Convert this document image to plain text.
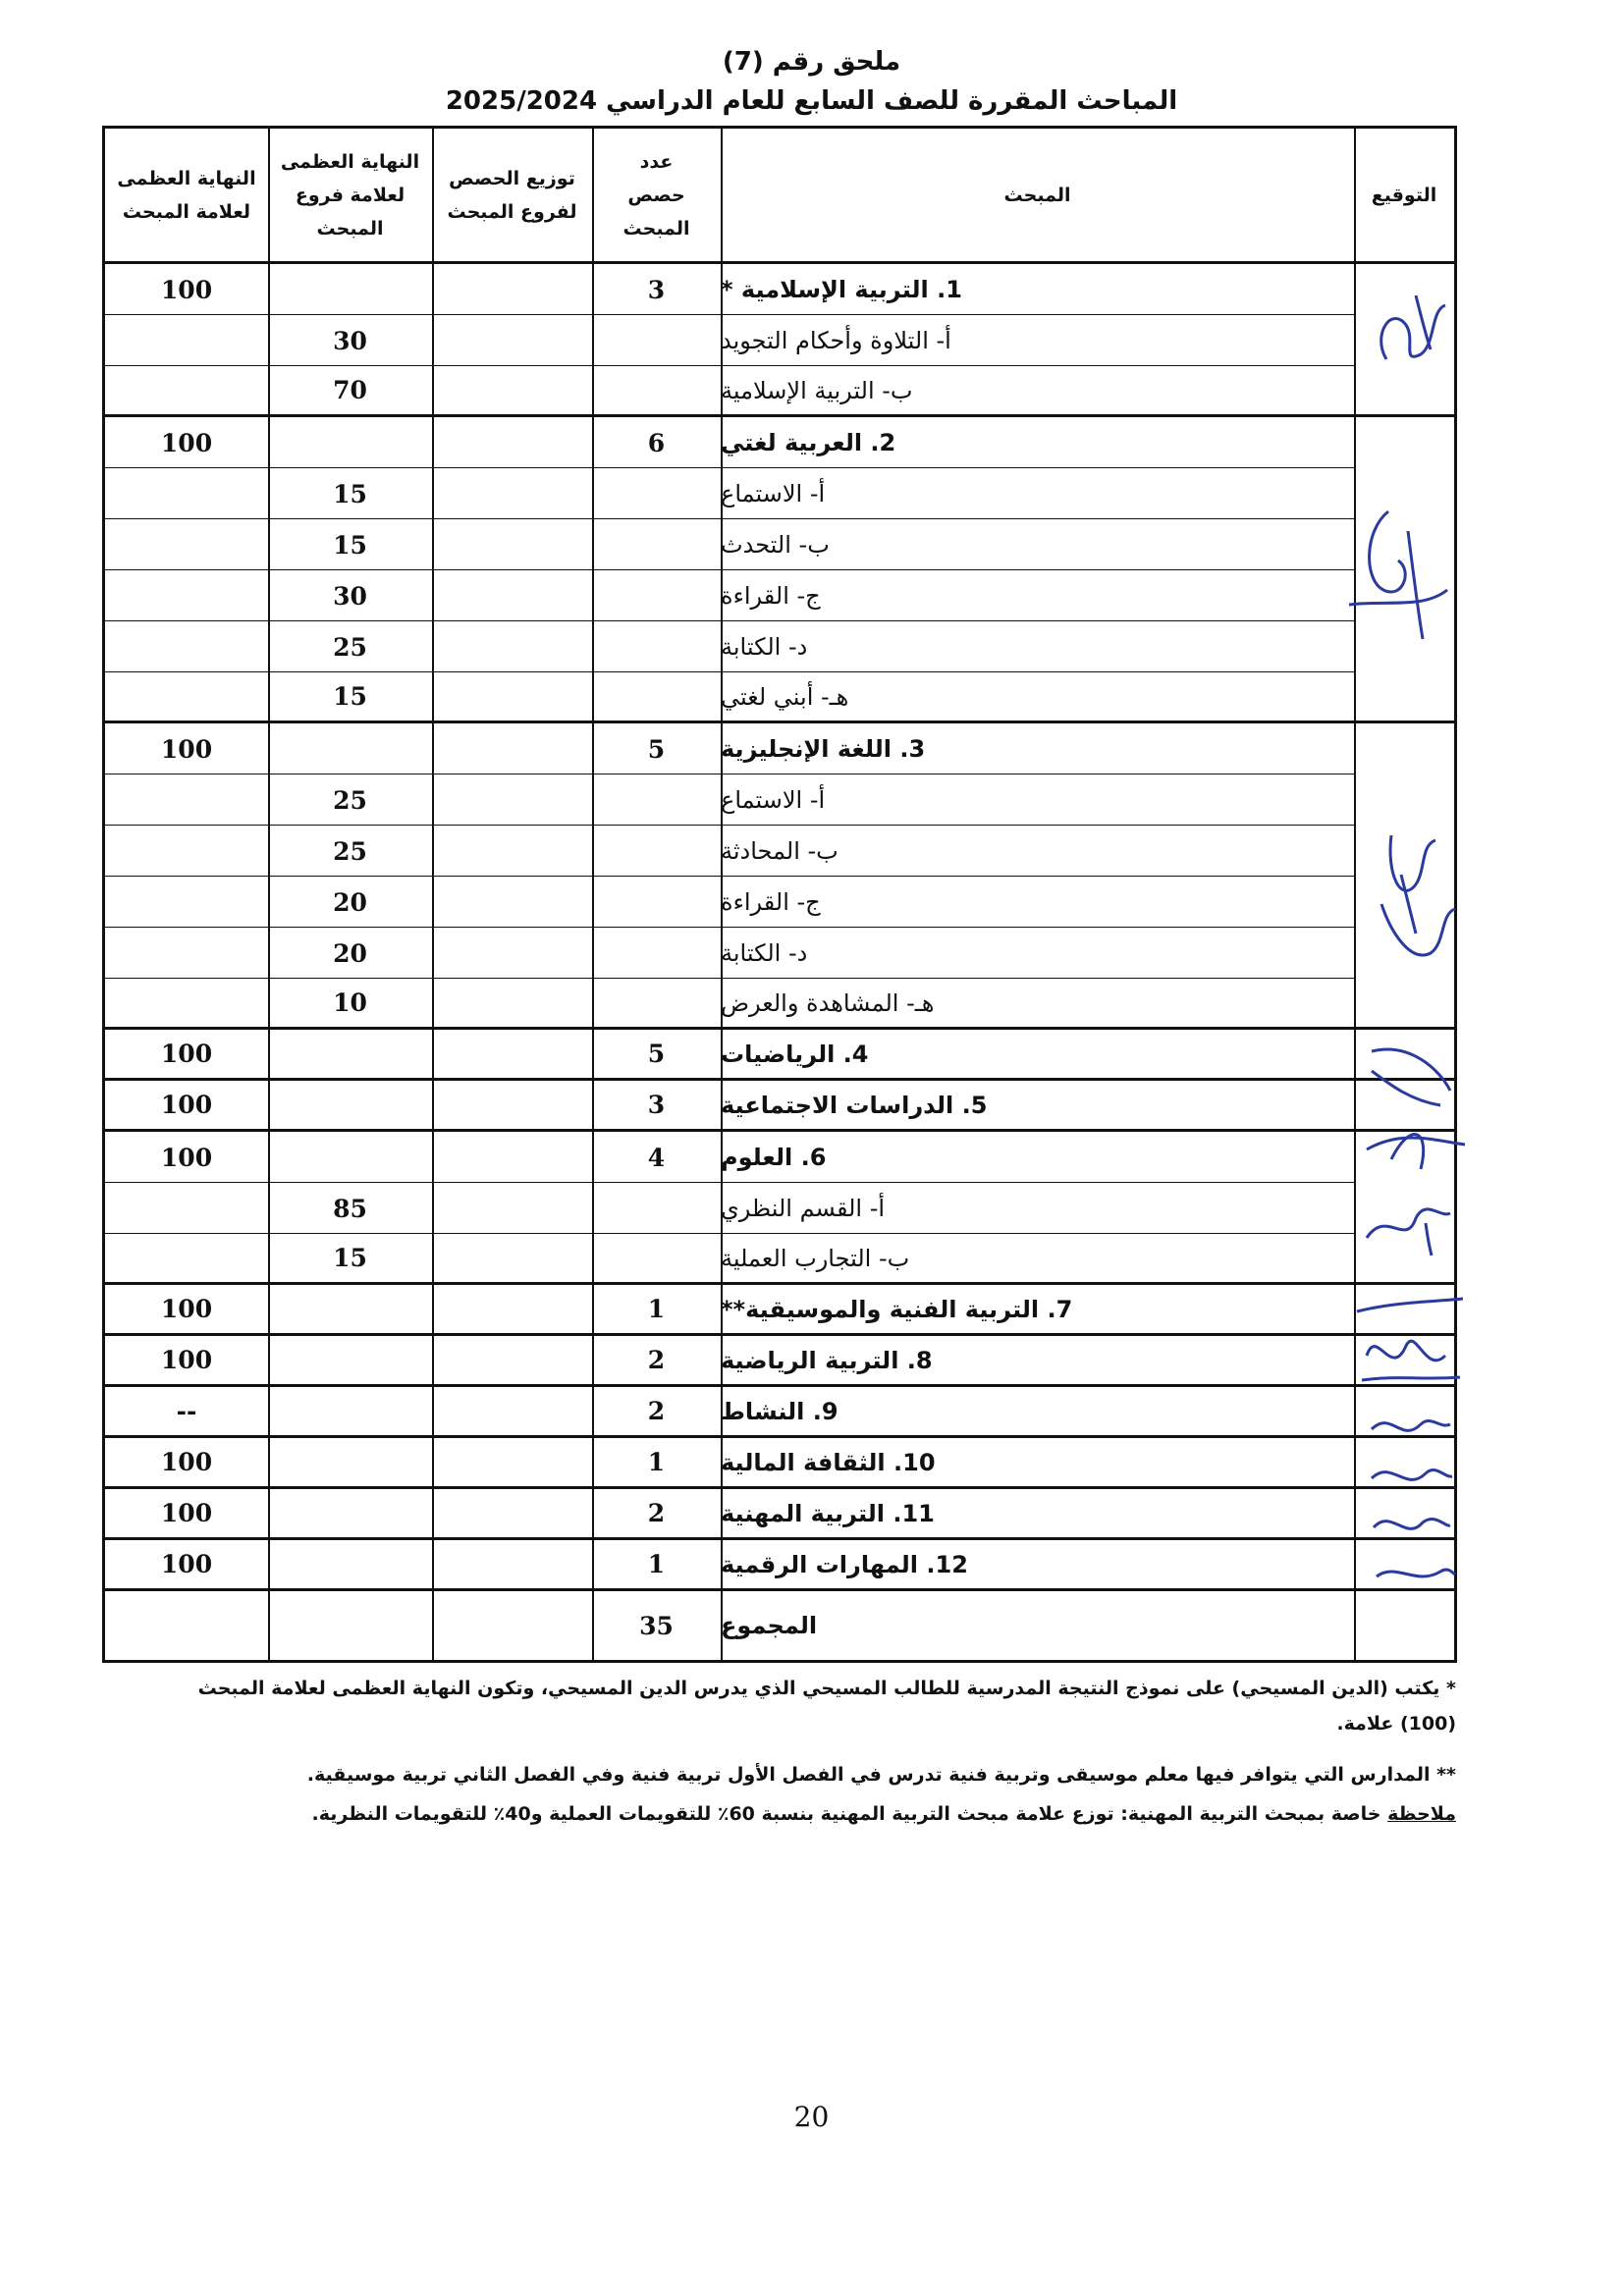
ملحق رقم (7)
المباحث المقررة للصف السابع للعام الدراسي 2025/2024
النهاية العظمى لعلامة المبحث
النهاية العظمى لعلامة فروع المبحث
توزيع الحصص لفروع المبحث
عدد حصص المبحث
المبحث	التوقيع
1. التربية الإسلامية *
3
100
أ- التلاوة وأحكام التجويد
30
ب- التربية الإسلامية
70
2. العربية لغتي
6
100
أ- الاستماع
15
ب- التحدث
15
ج- القراءة
30
د- الكتابة
25
هـ- أبني لغتي
15
3. اللغة الإنجليزية
5
100
أ- الاستماع
25
ب- المحادثة
25
ج- القراءة
20
د- الكتابة
20
هـ- المشاهدة والعرض
10
4. الرياضيات
5
100
5. الدراسات الاجتماعية
3
100
6. العلوم
4
100
أ- القسم النظري
85
ب- التجارب العملية
15
7. التربية الفنية والموسيقية**
1
100
8. التربية الرياضية
2
100
9. النشاط
2
--
10. الثقافة المالية
1
100
11. التربية المهنية
2
100
12. المهارات الرقمية
1
100
المجموع
35
* يكتب (الدين المسيحي) على نموذج النتيجة المدرسية للطالب المسيحي الذي يدرس الدين المسيحي، وتكون النهاية العظمى لعلامة المبحث (100) علامة.
** المدارس التي يتوافر فيها معلم موسيقى وتربية فنية تدرس في الفصل الأول تربية فنية وفي الفصل الثاني تربية موسيقية.
ملاحظة خاصة بمبحث التربية المهنية: توزع علامة مبحث التربية المهنية بنسبة 60٪ للتقويمات العملية و40٪ للتقويمات النظرية.
20
